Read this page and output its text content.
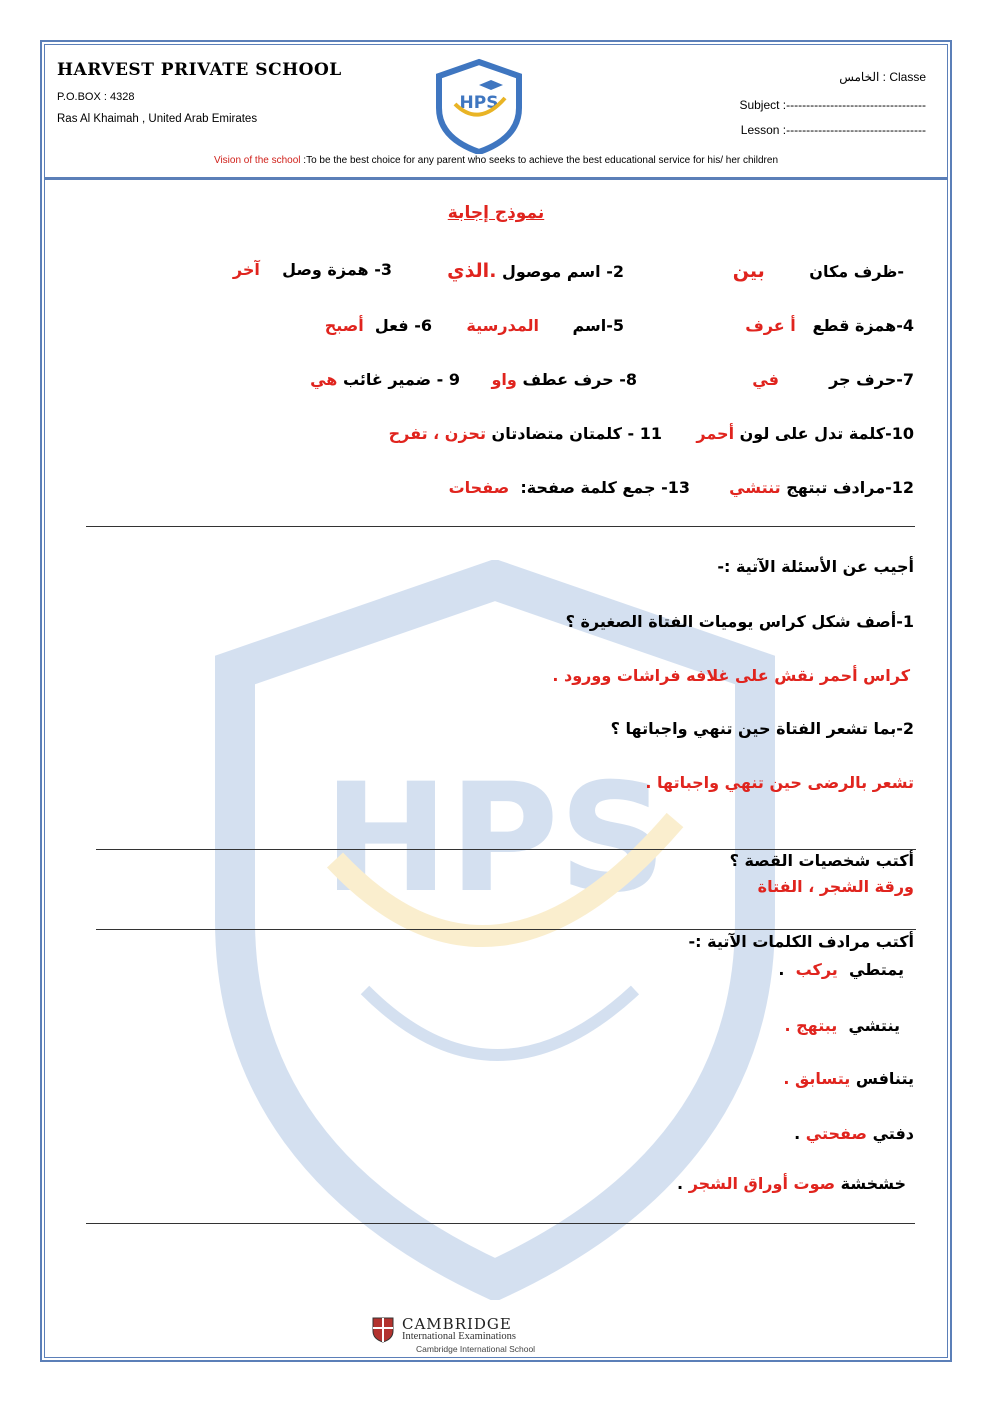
HPS
HARVEST PRIVATE SCHOOL
P.O.BOX : 4328
Ras Al Khaimah , United Arab Emirates
HPS
الخامس : Classe
Subject :-----------------------------------
Lesson :-----------------------------------
Vision of the school :To be the best choice for any parent who seeks to achieve the best educational service for his/ her children
نموذج إجابة
-ظرف مكان        بين
2- اسم موصول .الذي
3- همزة وصل    آخر
4-همزة قطع   أ عرف
5-اسم      المدرسية
6- فعل  أصبح
7-حرف جر         في
8- حرف عطف واو
9 - ضمير غائب هي
10-كلمة تدل على لون أحمر
11 - كلمتان متضادتان تحزن ، تفرح
12-مرادف تبتهج تنتشي
13- جمع كلمة صفحة:  صفحات
أجيب عن الأسئلة الآتية :-
1-أصف شكل كراس يوميات الفتاة الصغيرة ؟
كراس أحمر نقش على غلافه فراشات وورود .
2-بما تشعر الفتاة حين تنهي واجباتها ؟
تشعر بالرضى حين تنهي واجباتها .
أكتب شخصيات القصة ؟
ورقة الشجر ، الفتاة
أكتب مرادف الكلمات الآتية :-
يمتطي  يركب  .
ينتشي  يبتهج .
يتنافس يتسابق .
دفتي صفحتي .
خشخشة صوت أوراق الشجر .
CAMBRIDGE
International Examinations
Cambridge International School
